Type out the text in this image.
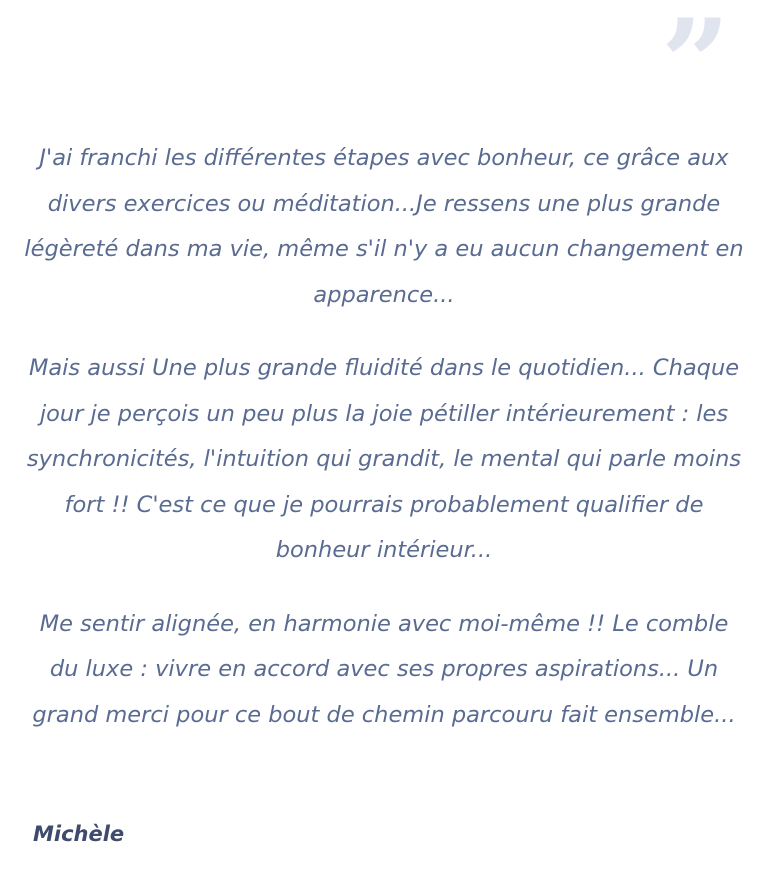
”

J'ai franchi les différentes étapes avec bonheur, ce grâce aux divers exercices ou méditation...Je ressens une plus grande légèreté dans ma vie, même s'il n'y a eu aucun changement en apparence...

Mais aussi Une plus grande fluidité dans le quotidien... Chaque jour je perçois un peu plus la joie pétiller intérieurement : les synchronicités, l'intuition qui grandit, le mental qui parle moins fort !! C'est ce que je pourrais probablement qualifier de bonheur intérieur...

Me sentir alignée, en harmonie avec moi-même !! Le comble du luxe : vivre en accord avec ses propres aspirations... Un grand merci pour ce bout de chemin parcouru fait ensemble...

Michèle
